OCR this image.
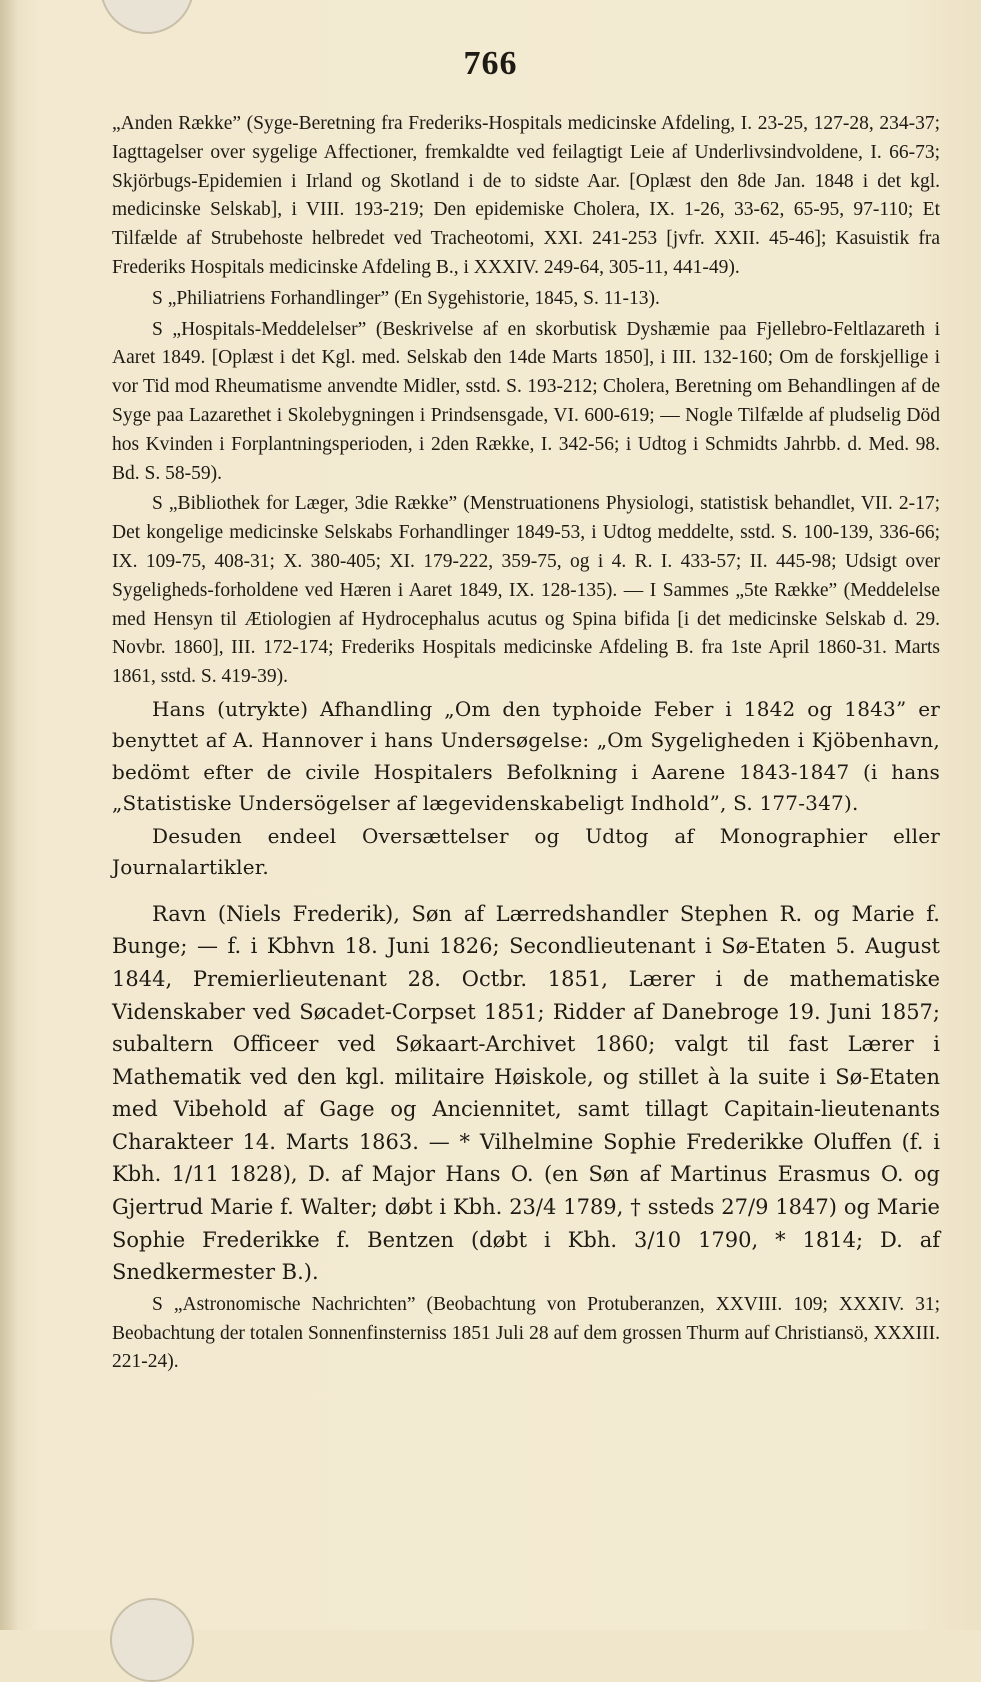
766

„Anden Række” (Syge-Beretning fra Frederiks-Hospitals medicinske Afdeling, I. 23-25, 127-28, 234-37; Iagttagelser over sygelige Affectioner, fremkaldte ved feilagtigt Leie af Underlivsindvoldene, I. 66-73; Skjörbugs-Epidemien i Irland og Skotland i de to sidste Aar. [Oplæst den 8de Jan. 1848 i det kgl. medicinske Selskab], i VIII. 193-219; Den epidemiske Cholera, IX. 1-26, 33-62, 65-95, 97-110; Et Tilfælde af Strubehoste helbredet ved Tracheotomi, XXI. 241-253 [jvfr. XXII. 45-46]; Kasuistik fra Frederiks Hospitals medicinske Afdeling B., i XXXIV. 249-64, 305-11, 441-49).

S „Philiatriens Forhandlinger” (En Sygehistorie, 1845, S. 11-13).

S „Hospitals-Meddelelser” (Beskrivelse af en skorbutisk Dyshæmie paa Fjellebro-Feltlazareth i Aaret 1849. [Oplæst i det Kgl. med. Selskab den 14de Marts 1850], i III. 132-160; Om de forskjellige i vor Tid mod Rheumatisme anvendte Midler, sstd. S. 193-212; Cholera, Beretning om Behandlingen af de Syge paa Lazarethet i Skolebygningen i Prindsensgade, VI. 600-619; — Nogle Tilfælde af pludselig Död hos Kvinden i Forplantningsperioden, i 2den Række, I. 342-56; i Udtog i Schmidts Jahrbb. d. Med. 98. Bd. S. 58-59).

S „Bibliothek for Læger, 3die Række” (Menstruationens Physiologi, statistisk behandlet, VII. 2-17; Det kongelige medicinske Selskabs Forhandlinger 1849-53, i Udtog meddelte, sstd. S. 100-139, 336-66; IX. 109-75, 408-31; X. 380-405; XI. 179-222, 359-75, og i 4. R. I. 433-57; II. 445-98; Udsigt over Sygeligheds-forholdene ved Hæren i Aaret 1849, IX. 128-135). — I Sammes „5te Række” (Meddelelse med Hensyn til Ætiologien af Hydrocephalus acutus og Spina bifida [i det medicinske Selskab d. 29. Novbr. 1860], III. 172-174; Frederiks Hospitals medicinske Afdeling B. fra 1ste April 1860-31. Marts 1861, sstd. S. 419-39).

Hans (utrykte) Afhandling „Om den typhoide Feber i 1842 og 1843” er benyttet af A. Hannover i hans Undersøgelse: „Om Sygeligheden i Kjöbenhavn, bedömt efter de civile Hospitalers Befolkning i Aarene 1843-1847 (i hans „Statistiske Undersögelser af lægevidenskabeligt Indhold”, S. 177-347).

Desuden endeel Oversættelser og Udtog af Monographier eller Journalartikler.

Ravn (Niels Frederik), Søn af Lærredshandler Stephen R. og Marie f. Bunge; — f. i Kbhvn 18. Juni 1826; Secondlieutenant i Sø-Etaten 5. August 1844, Premierlieutenant 28. Octbr. 1851, Lærer i de mathematiske Videnskaber ved Søcadet-Corpset 1851; Ridder af Danebroge 19. Juni 1857; subaltern Officeer ved Søkaart-Archivet 1860; valgt til fast Lærer i Mathematik ved den kgl. militaire Høiskole, og stillet à la suite i Sø-Etaten med Vibehold af Gage og Anciennitet, samt tillagt Capitain-lieutenants Charakteer 14. Marts 1863. — * Vilhelmine Sophie Frederikke Oluffen (f. i Kbh. 1/11 1828), D. af Major Hans O. (en Søn af Martinus Erasmus O. og Gjertrud Marie f. Walter; døbt i Kbh. 23/4 1789, † ssteds 27/9 1847) og Marie Sophie Frederikke f. Bentzen (døbt i Kbh. 3/10 1790, * 1814; D. af Snedkermester B.).

S „Astronomische Nachrichten” (Beobachtung von Protuberanzen, XXVIII. 109; XXXIV. 31; Beobachtung der totalen Sonnenfinsterniss 1851 Juli 28 auf dem grossen Thurm auf Christiansö, XXXIII. 221-24).
